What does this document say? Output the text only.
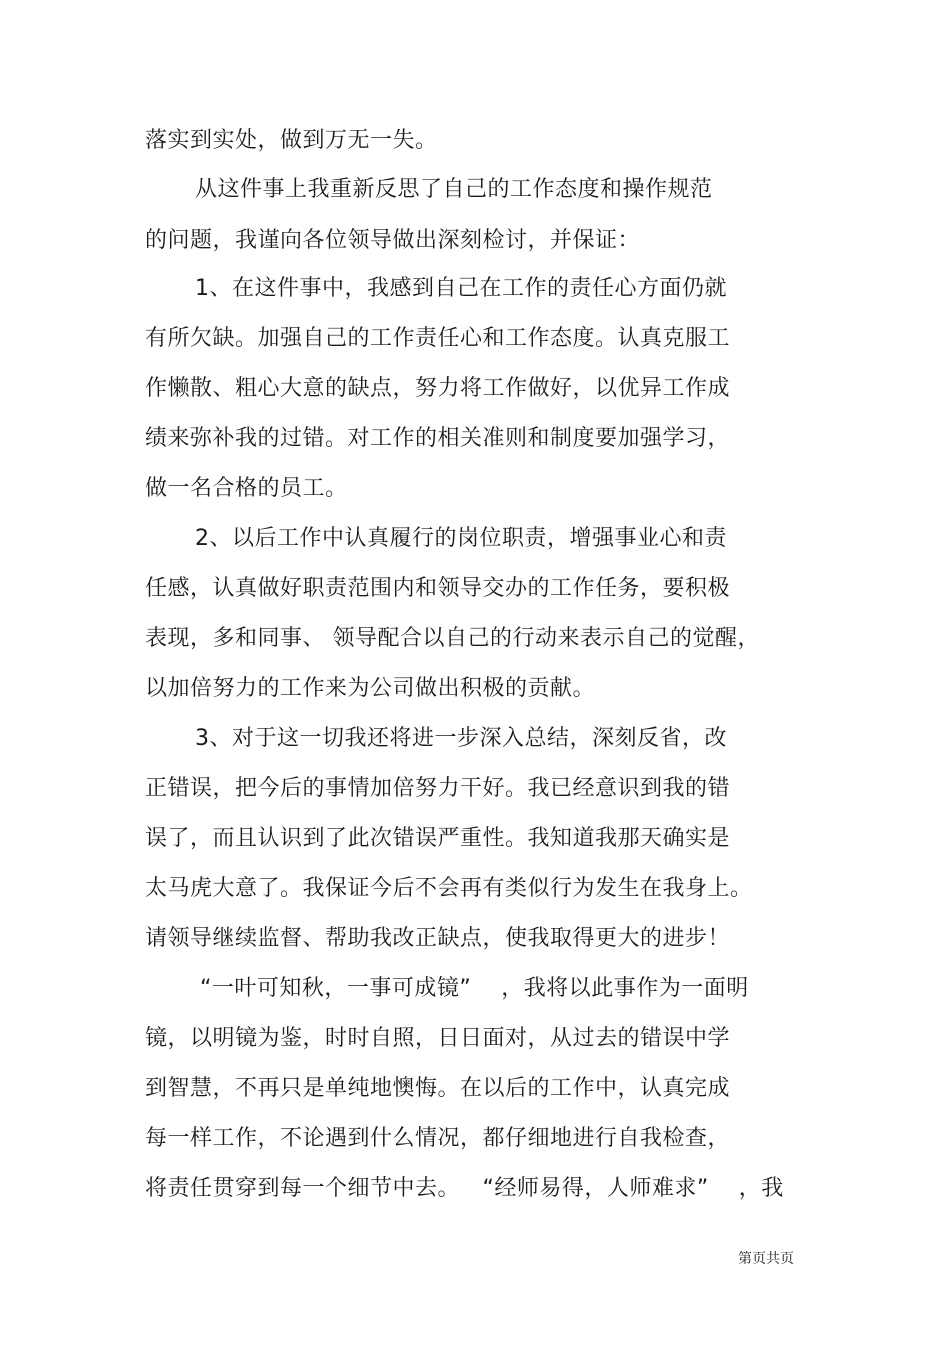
落实到实处，做到万无一失。
从这件事上我重新反思了自己的工作态度和操作规范
的问题，我谨向各位领导做出深刻检讨，并保证：
1、在这件事中，我感到自己在工作的责任心方面仍就
有所欠缺。加强自己的工作责任心和工作态度。认真克服工
作懒散、粗心大意的缺点，努力将工作做好，以优异工作成
绩来弥补我的过错。对工作的相关准则和制度要加强学习，
做一名合格的员工。
2、以后工作中认真履行的岗位职责，增强事业心和责
任感，认真做好职责范围内和领导交办的工作任务，要积极
表现，多和同事、 领导配合以自己的行动来表示自己的觉醒，
以加倍努力的工作来为公司做出积极的贡献。
3、对于这一切我还将进一步深入总结，深刻反省，改
正错误，把今后的事情加倍努力干好。我已经意识到我的错
误了，而且认识到了此次错误严重性。我知道我那天确实是
太马虎大意了。我保证今后不会再有类似行为发生在我身上。
请领导继续监督、帮助我改正缺点，使我取得更大的进步！
“一叶可知秋，一事可成镜”    ，我将以此事作为一面明
镜，以明镜为鉴，时时自照，日日面对，从过去的错误中学
到智慧，不再只是单纯地懊悔。在以后的工作中，认真完成
每一样工作，不论遇到什么情况，都仔细地进行自我检查，
将责任贯穿到每一个细节中去。   “经师易得，人师难求”    ，我
第页共页
